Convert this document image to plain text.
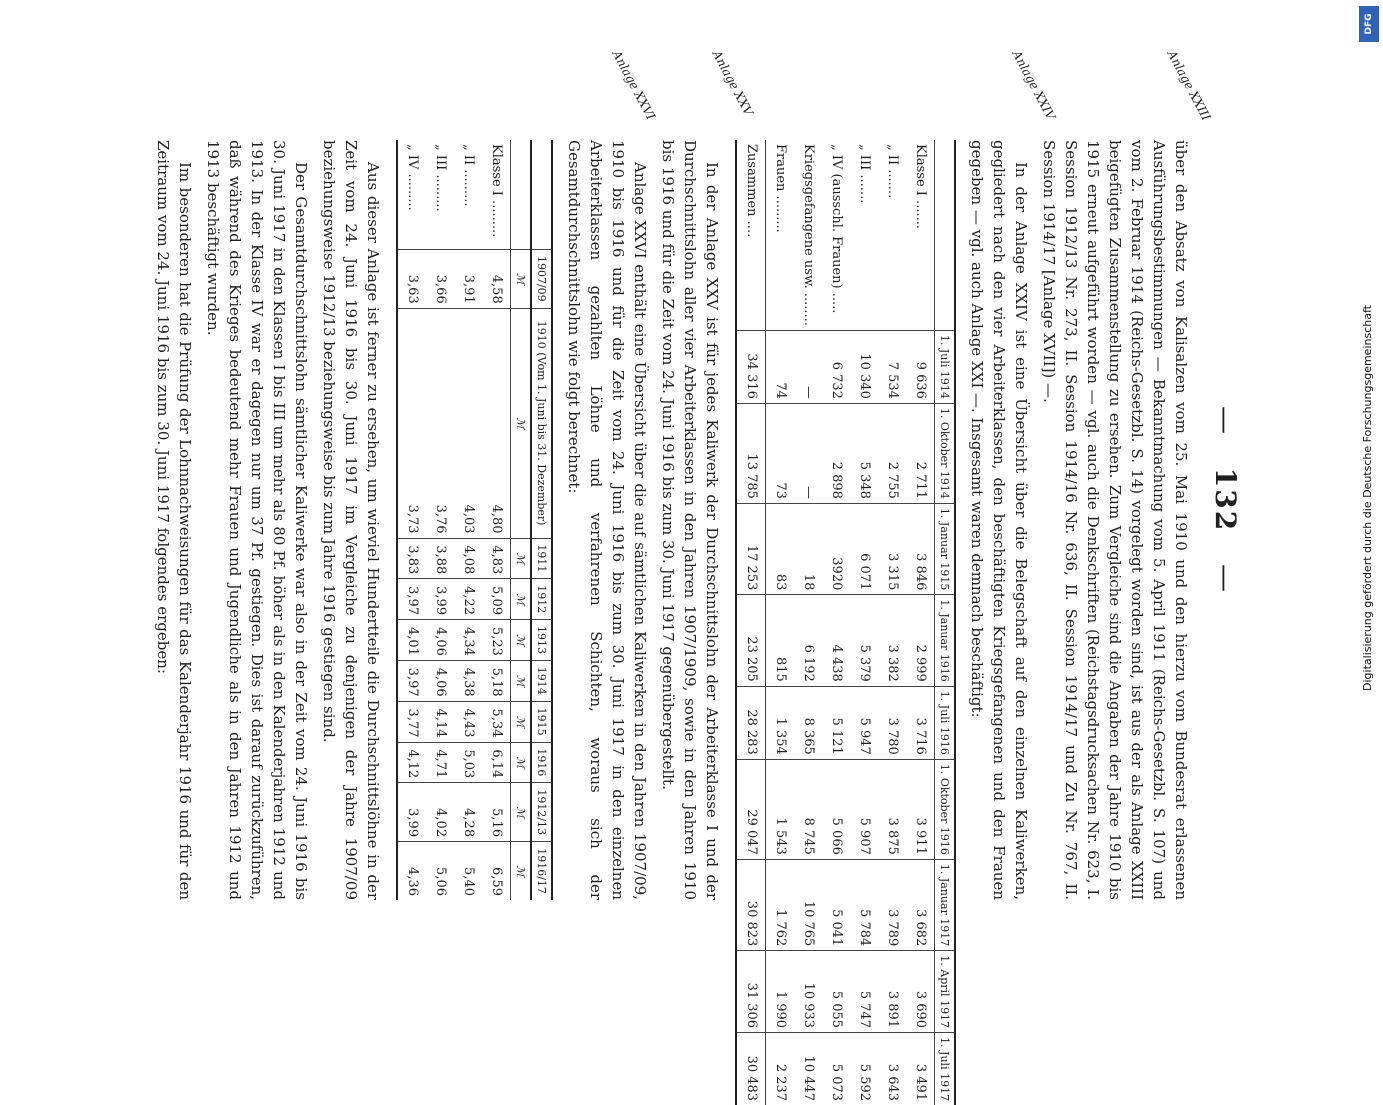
— 132 —
Anlage XXIII
Anlage XXIV
Anlage XXV
Anlage XXVI

über den Absatz von Kalisalzen vom 25. Mai 1910 und den hierzu vom Bundesrat erlassenen Ausführungsbestimmungen — Bekanntmachung vom 5. April 1911 (Reichs-Gesetzbl. S. 107) und vom 2. Februar 1914 (Reichs-Gesetzbl. S. 14) vorgelegt worden sind, ist aus der als Anlage XXIII beigefügten Zusammenstellung zu ersehen. Zum Vergleiche sind die Angaben der Jahre 1910 bis 1915 erneut aufgeführt worden — vgl. auch die Denkschriften (Reichstagsdrucksachen Nr. 623, I. Session 1912/13 Nr. 273, II. Session 1914/16 Nr. 636, II. Session 1914/17 und Zu Nr. 767, II. Session 1914/17 [Anlage XVII]) —.

In der Anlage XXIV ist eine Übersicht über die Belegschaft auf den einzelnen Kaliwerken, gegliedert nach den vier Arbeiterklassen, den beschäftigten Kriegsgefangenen und den Frauen gegeben — vgl. auch Anlage XXI —. Insgesamt waren demnach beschäftigt:

	1. Juli 1914	1. Oktober 1914	1. Januar 1915	1. Januar 1916	1. Juli 1916	1. Oktober 1916	1. Januar 1917	1. April 1917	1. Juli 1917
Klasse I .......	9 636	2 711	3 846	2 999	3 716	3 911	3 682	3 690	3 491
„ II .......	7 534	2 755	3 315	3 382	3 780	3 875	3 789	3 891	3 643
„ III .......	10 340	5 348	6 071	5 379	5 947	5 907	5 784	5 747	5 592
„ IV (ausschl. Frauen) .....	6 732	2 898	3920	4 438	5 121	5 066	5 041	5 055	5 073
Kriegsgefangene usw. ........	—	—	18	6 192	8 365	8 745	10 765	10 933	10 447
Frauen .........	74	73	83	815	1 354	1 543	1 762	1 990	2 237
Zusammen ....	34 316	13 785	17 253	23 205	28 283	29 047	30 823	31 306	30 483

In der Anlage XXV ist für jedes Kaliwerk der Durchschnittslohn der Arbeiterklasse I und der Durchschnittslohn aller vier Arbeiterklassen in den Jahren 1907/1909, sowie in den Jahren 1910 bis 1916 und für die Zeit vom 24. Juni 1916 bis zum 30. Juni 1917 gegenübergestellt.

Anlage XXVI enthält eine Übersicht über die auf sämtlichen Kaliwerken in den Jahren 1907/09, 1910 bis 1916 und für die Zeit vom 24. Juni 1916 bis zum 30. Juni 1917 in den einzelnen Arbeiterklassen gezahlten Löhne und verfahrenen Schichten, woraus sich der Gesamtdurchschnittslohn wie folgt berechnet:

	1907/09	1910 (Vom 1. Juni bis 31. Dezember)	1911	1912	1913	1914	1915	1916	1912/13	1916/17
	ℳ	ℳ	ℳ	ℳ	ℳ	ℳ	ℳ	ℳ	ℳ	ℳ
Klasse I .........	4,58	4,80	4,83	5,09	5,23	5,18	5,34	6,14	5,16	6,59
„ II .........	3,91	4,03	4,08	4,22	4,34	4,38	4,43	5,03	4,28	5,40
„ III .........	3,66	3,76	3,88	3,99	4,06	4,06	4,14	4,71	4,02	5,06
„ IV .........	3,63	3,73	3,83	3,97	4,01	3,97	3,77	4,12	3,99	4,36

Aus dieser Anlage ist ferner zu ersehen, um wieviel Hundertteile die Durchschnittslöhne in der Zeit vom 24. Juni 1916 bis 30. Juni 1917 im Vergleiche zu denjenigen der Jahre 1907/09 beziehungsweise 1912/13 beziehungsweise bis zum Jahre 1916 gestiegen sind.

Der Gesamtdurchschnittslohn sämtlicher Kaliwerke war also in der Zeit vom 24. Juni 1916 bis 30. Juni 1917 in den Klassen I bis III um mehr als 80 Pf. höher als in den Kalenderjahren 1912 und 1913. In der Klasse IV war er dagegen nur um 37 Pf. gestiegen. Dies ist darauf zurückzuführen, daß während des Krieges bedeutend mehr Frauen und Jugendliche als in den Jahren 1912 und 1913 beschäftigt wurden.

Im besonderen hat die Prüfung der Lohnnachweisungen für das Kalenderjahr 1916 und für den Zeitraum vom 24. Juni 1916 bis zum 30. Juni 1917 folgendes ergeben:	Digitalisierung gefördert durch die Deutsche Forschungsgemeinschaft
DFG
